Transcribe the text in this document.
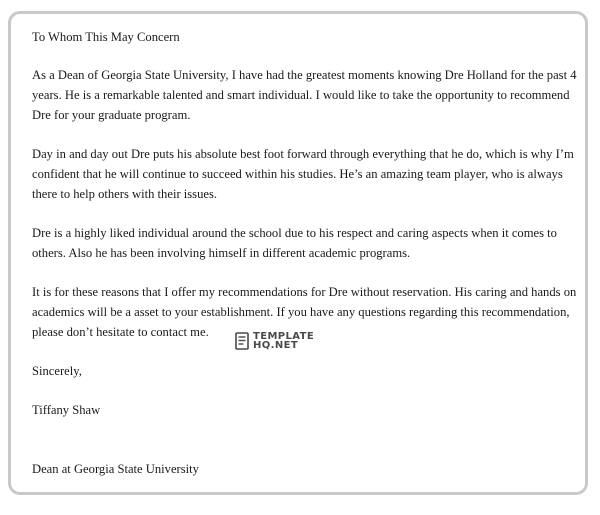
To Whom This May Concern

As a Dean of Georgia State University, I have had the greatest moments knowing Dre Holland for the past 4 years. He is a remarkable talented and smart individual. I would like to take the opportunity to recommend Dre for your graduate program.

Day in and day out Dre puts his absolute best foot forward through everything that he do, which is why I’m confident that he will continue to succeed within his studies. He’s an amazing team player, who is always there to help others with their issues.

Dre is a highly liked individual around the school due to his respect and caring aspects when it comes to others. Also he has been involving himself in different academic programs.

It is for these reasons that I offer my recommendations for Dre without reservation. His caring and hands on academics will be a asset to your establishment. If you have any questions regarding this recommendation, please don’t hesitate to contact me.

Sincerely,

Tiffany Shaw

Dean at Georgia State University

TEMPLATE
HQ.NET
